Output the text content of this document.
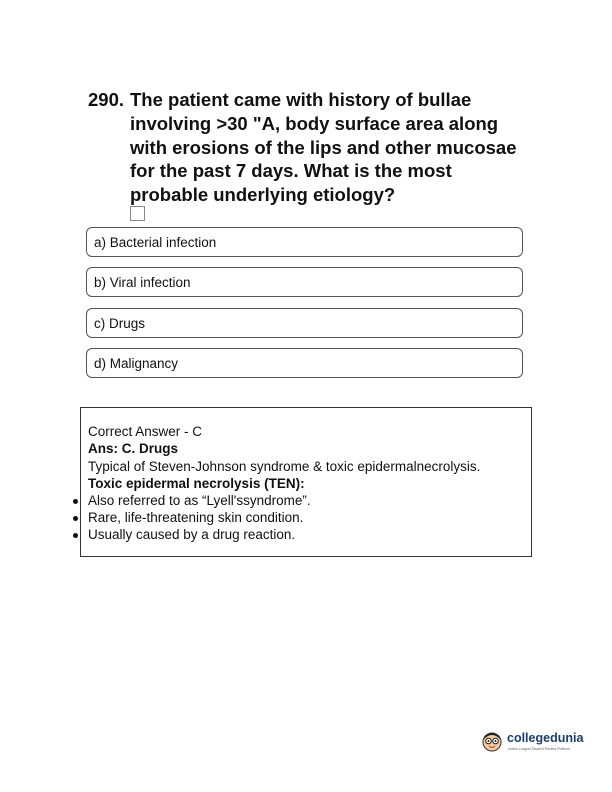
290. The patient came with history of bullae involving >30 "A, body surface area along with erosions of the lips and other mucosae for the past 7 days. What is the most probable underlying etiology?
a) Bacterial infection
b) Viral infection
c) Drugs
d) Malignancy
Correct Answer - C
Ans: C. Drugs
Typical of Steven-Johnson syndrome & toxic epidermalnecrolysis.
Toxic epidermal necrolysis (TEN):
Also referred to as “Lyell'ssyndrome”.
Rare, life-threatening skin condition.
Usually caused by a drug reaction.
collegedunia
India's Largest Student Review Platform
